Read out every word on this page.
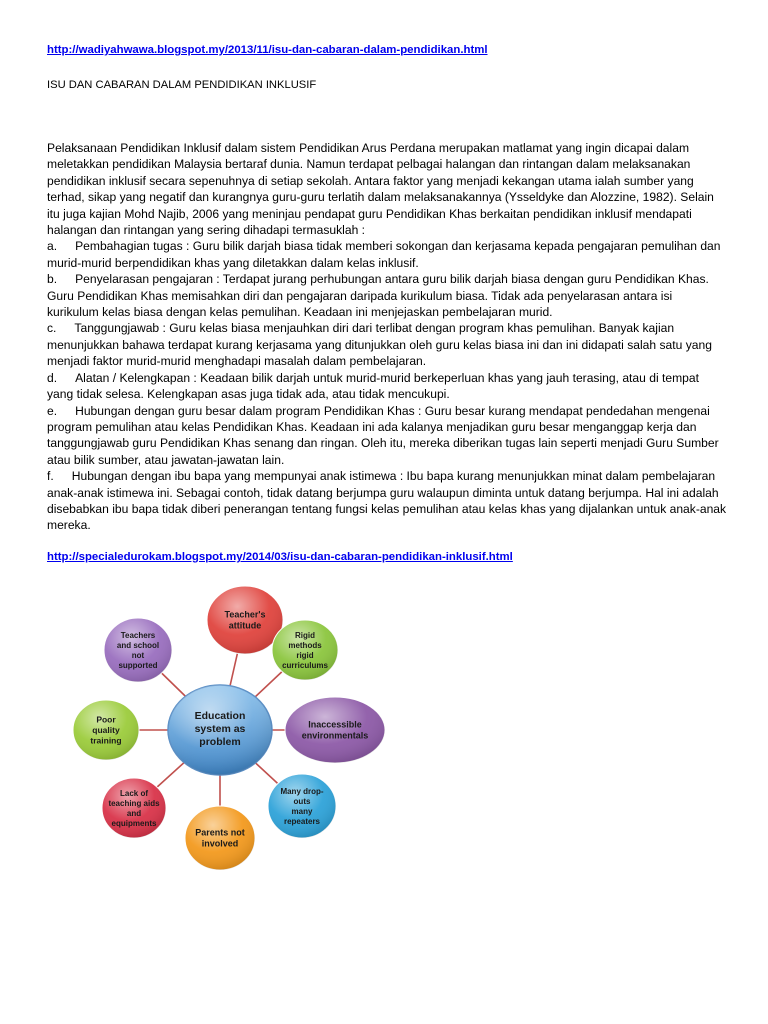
http://wadiyahwawa.blogspot.my/2013/11/isu-dan-cabaran-dalam-pendidikan.html
ISU DAN CABARAN DALAM PENDIDIKAN INKLUSIF

Pelaksanaan Pendidikan Inklusif dalam sistem Pendidikan Arus Perdana merupakan matlamat yang ingin dicapai dalam meletakkan pendidikan Malaysia bertaraf dunia. Namun terdapat pelbagai halangan dan rintangan dalam melaksanakan pendidikan inklusif secara sepenuhnya di setiap sekolah. Antara faktor yang menjadi kekangan utama ialah sumber yang terhad, sikap yang negatif dan kurangnya guru-guru terlatih dalam melaksanakannya (Ysseldyke dan Alozzine, 1982). Selain itu juga kajian Mohd Najib, 2006 yang meninjau pendapat guru Pendidikan Khas berkaitan pendidikan inklusif mendapati halangan dan rintangan yang sering dihadapi termasuklah :

a. Pembahagian tugas : Guru bilik darjah biasa tidak memberi sokongan dan kerjasama kepada pengajaran pemulihan dan murid-murid berpendidikan khas yang diletakkan dalam kelas inklusif.

b. Penyelarasan pengajaran : Terdapat jurang perhubungan antara guru bilik darjah biasa dengan guru Pendidikan Khas. Guru Pendidikan Khas memisahkan diri dan pengajaran daripada kurikulum biasa. Tidak ada penyelarasan antara isi kurikulum kelas biasa dengan kelas pemulihan. Keadaan ini menjejaskan pembelajaran murid.

c. Tanggungjawab : Guru kelas biasa menjauhkan diri dari terlibat dengan program khas pemulihan. Banyak kajian menunjukkan bahawa terdapat kurang kerjasama yang ditunjukkan oleh guru kelas biasa ini dan ini didapati salah satu yang menjadi faktor murid-murid menghadapi masalah dalam pembelajaran.

d. Alatan / Kelengkapan : Keadaan bilik darjah untuk murid-murid berkeperluan khas yang jauh terasing, atau di tempat yang tidak selesa. Kelengkapan asas juga tidak ada, atau tidak mencukupi.

e. Hubungan dengan guru besar dalam program Pendidikan Khas : Guru besar kurang mendapat pendedahan mengenai program pemulihan atau kelas Pendidikan Khas. Keadaan ini ada kalanya menjadikan guru besar menganggap kerja dan tanggungjawab guru Pendidikan Khas senang dan ringan. Oleh itu, mereka diberikan tugas lain seperti menjadi Guru Sumber atau bilik sumber, atau jawatan-jawatan lain.

f. Hubungan dengan ibu bapa yang mempunyai anak istimewa : Ibu bapa kurang menunjukkan minat dalam pembelajaran anak-anak istimewa ini. Sebagai contoh, tidak datang berjumpa guru walaupun diminta untuk datang berjumpa. Hal ini adalah disebabkan ibu bapa tidak diberi penerangan tentang fungsi kelas pemulihan atau kelas khas yang dijalankan untuk anak-anak mereka.

http://specialedurokam.blogspot.my/2014/03/isu-dan-cabaran-pendidikan-inklusif.html
Teacher's
attitude
Rigid
methods
rigid
curriculums
Inaccessible
environmentals
Many drop-
outs
many
repeaters
Parents not
involved
Lack of
teaching aids
and
equipments
Poor
quality
training
Teachers
and school
not
supported
Education
system as
problem
